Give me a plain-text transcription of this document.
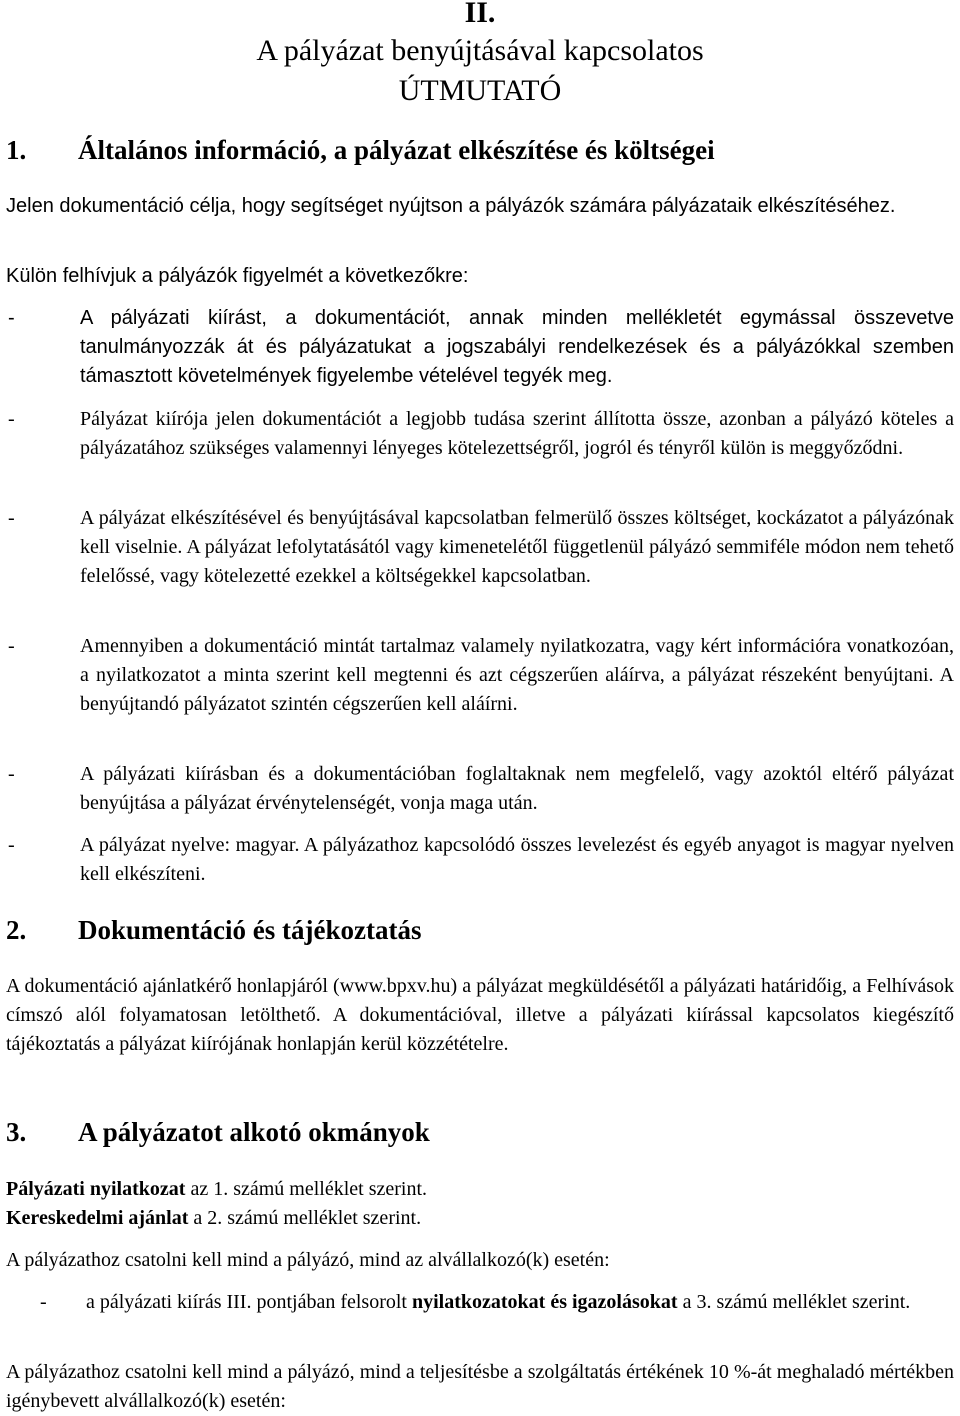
II.
A pályázat benyújtásával kapcsolatos
ÚTMUTATÓ
1. Általános információ, a pályázat elkészítése és költségei

Jelen dokumentáció célja, hogy segítséget nyújtson a pályázók számára pályázataik elkészítéséhez.

Külön felhívjuk a pályázók figyelmét a következőkre:

-	A pályázati kiírást, a dokumentációt, annak minden mellékletét egymással összevetve tanulmányozzák át és pályázatukat a jogszabályi rendelkezések és a pályázókkal szemben támasztott követelmények figyelembe vételével tegyék meg.

-	Pályázat kiírója jelen dokumentációt a legjobb tudása szerint állította össze, azonban a pályázó köteles a pályázatához szükséges valamennyi lényeges kötelezettségről, jogról és tényről külön is meggyőződni.

-	A pályázat elkészítésével és benyújtásával kapcsolatban felmerülő összes költséget, kockázatot a pályázónak kell viselnie. A pályázat lefolytatásától vagy kimenetelétől függetlenül pályázó semmiféle módon nem tehető felelőssé, vagy kötelezetté ezekkel a költségekkel kapcsolatban.

-	Amennyiben a dokumentáció mintát tartalmaz valamely nyilatkozatra, vagy kért információra vonatkozóan, a nyilatkozatot a minta szerint kell megtenni és azt cégszerűen aláírva, a pályázat részeként benyújtani. A benyújtandó pályázatot szintén cégszerűen kell aláírni.

-	A pályázati kiírásban és a dokumentációban foglaltaknak nem megfelelő, vagy azoktól eltérő pályázat benyújtása a pályázat érvénytelenségét, vonja maga után.

-	A pályázat nyelve: magyar. A pályázathoz kapcsolódó összes levelezést és egyéb anyagot is magyar nyelven kell elkészíteni.

2. Dokumentáció és tájékoztatás

A dokumentáció ajánlatkérő honlapjáról (www.bpxv.hu) a pályázat megküldésétől a pályázati határidőig, a Felhívások címszó alól folyamatosan letölthető. A dokumentációval, illetve a pályázati kiírással kapcsolatos kiegészítő tájékoztatás a pályázat kiírójának honlapján kerül közzétételre.

3. A pályázatot alkotó okmányok

Pályázati nyilatkozat az 1. számú melléklet szerint.

Kereskedelmi ajánlat a 2. számú melléklet szerint.

A pályázathoz csatolni kell mind a pályázó, mind az alvállalkozó(k) esetén:

- a pályázati kiírás III. pontjában felsorolt nyilatkozatokat és igazolásokat a 3. számú melléklet szerint.

A pályázathoz csatolni kell mind a pályázó, mind a teljesítésbe a szolgáltatás értékének 10 %-át meghaladó mértékben igénybevett alvállalkozó(k) esetén:
